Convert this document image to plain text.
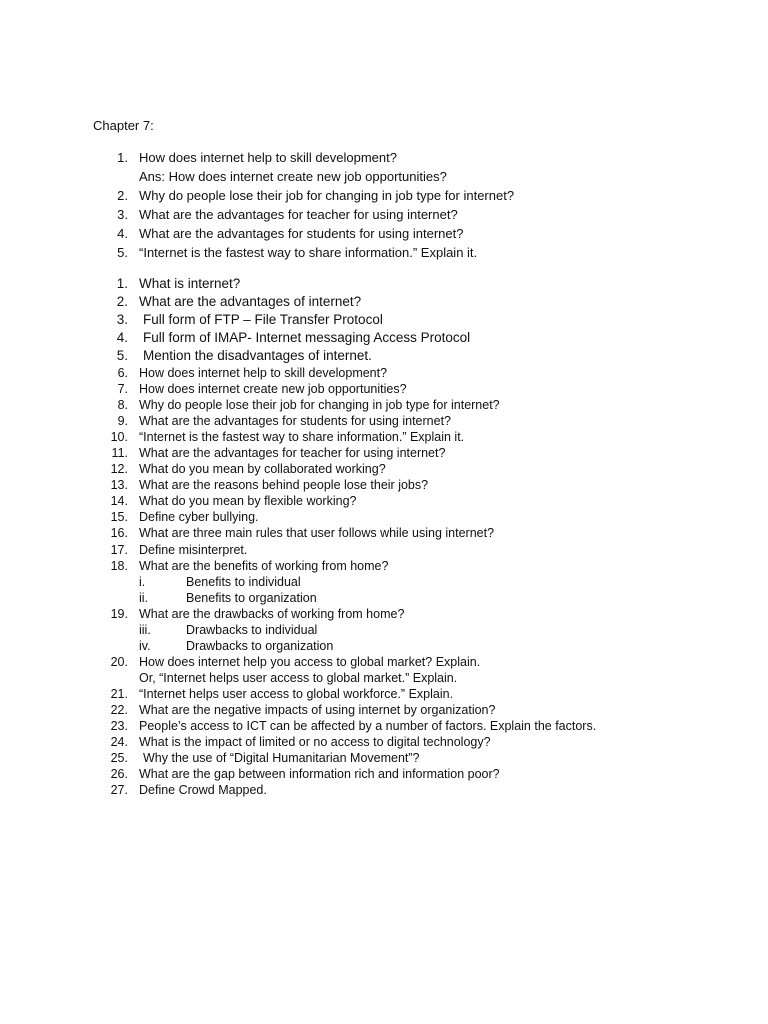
Chapter 7:
1. How does internet help to skill development?
Ans: How does internet create new job opportunities?
2. Why do people lose their job for changing in job type for internet?
3. What are the advantages for teacher for using internet?
4. What are the advantages for students for using internet?
5. “Internet is the fastest way to share information.” Explain it.
1. What is internet?
2. What are the advantages of internet?
3. Full form of FTP – File Transfer Protocol
4. Full form of IMAP- Internet messaging Access Protocol
5. Mention the disadvantages of internet.
6. How does internet help to skill development?
7. How does internet create new job opportunities?
8. Why do people lose their job for changing in job type for internet?
9. What are the advantages for students for using internet?
10. “Internet is the fastest way to share information.” Explain it.
11. What are the advantages for teacher for using internet?
12. What do you mean by collaborated working?
13. What are the reasons behind people lose their jobs?
14. What do you mean by flexible working?
15. Define cyber bullying.
16. What are three main rules that user follows while using internet?
17. Define misinterpret.
18. What are the benefits of working from home?
i.	Benefits to individual
ii.	Benefits to organization
19. What are the drawbacks of working from home?
iii.	Drawbacks to individual
iv.	Drawbacks to organization
20. How does internet help you access to global market? Explain.
Or, “Internet helps user access to global market.” Explain.
21. “Internet helps user access to global workforce.” Explain.
22. What are the negative impacts of using internet by organization?
23. People’s access to ICT can be affected by a number of factors. Explain the factors.
24. What is the impact of limited or no access to digital technology?
25. Why the use of “Digital Humanitarian Movement”?
26. What are the gap between information rich and information poor?
27. Define Crowd Mapped.
